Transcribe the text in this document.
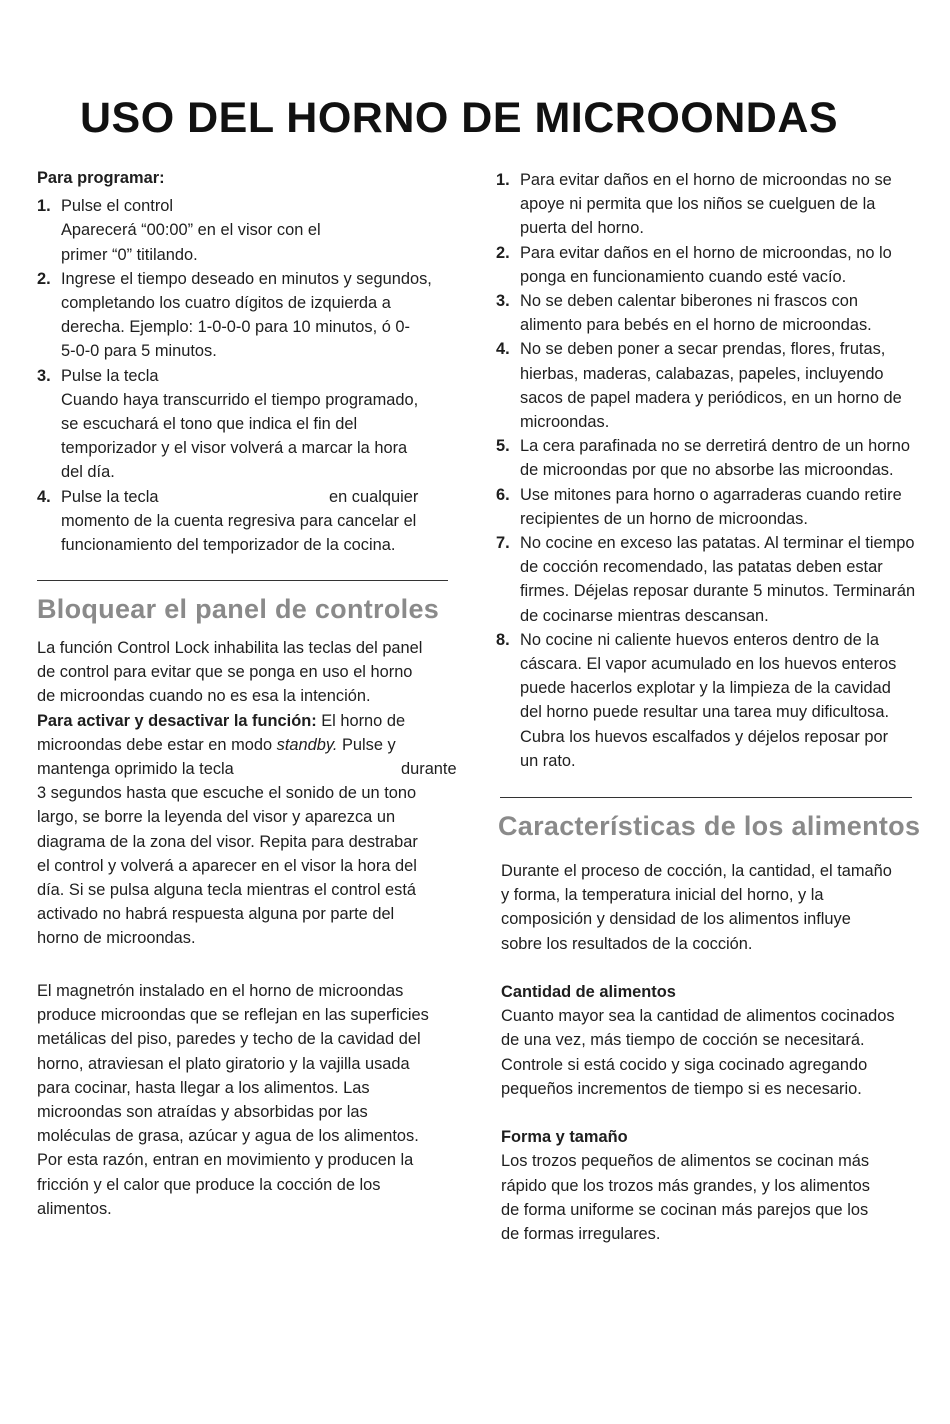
USO DEL HORNO DE MICROONDAS
Para programar:
1. Pulse el control
Aparecerá “00:00” en el visor con el
primer “0” titilando.
2. Ingrese el tiempo deseado en minutos y segundos,
completando los cuatro dígitos de izquierda a
derecha. Ejemplo: 1-0-0-0 para 10 minutos, ó 0-
5-0-0 para 5 minutos.
3. Pulse la tecla
Cuando haya transcurrido el tiempo programado,
se escuchará el tono que indica el fin del
temporizador y el visor volverá a marcar la hora
del día.
4. Pulse la tecla	en cualquier
momento de la cuenta regresiva para cancelar el
funcionamiento del temporizador de la cocina.
Bloquear el panel de controles
La función Control Lock inhabilita las teclas del panel
de control para evitar que se ponga en uso el horno
de microondas cuando no es esa la intención.
Para activar y desactivar la función: El horno de
microondas debe estar en modo standby. Pulse y
mantenga oprimido la tecla	durante
3 segundos hasta que escuche el sonido de un tono
largo, se borre la leyenda del visor y aparezca un
diagrama de la zona del visor. Repita para destrabar
el control y volverá a aparecer en el visor la hora del
día. Si se pulsa alguna tecla mientras el control está
activado no habrá respuesta alguna por parte del
horno de microondas.
El magnetrón instalado en el horno de microondas
produce microondas que se reflejan en las superficies
metálicas del piso, paredes y techo de la cavidad del
horno, atraviesan el plato giratorio y la vajilla usada
para cocinar, hasta llegar a los alimentos. Las
microondas son atraídas y absorbidas por las
moléculas de grasa, azúcar y agua de los alimentos.
Por esta razón, entran en movimiento y producen la
fricción y el calor que produce la cocción de los
alimentos.
1. Para evitar daños en el horno de microondas no se
apoye ni permita que los niños se cuelguen de la
puerta del horno.
2. Para evitar daños en el horno de microondas, no lo
ponga en funcionamiento cuando esté vacío.
3. No se deben calentar biberones ni frascos con
alimento para bebés en el horno de microondas.
4. No se deben poner a secar prendas, flores, frutas,
hierbas, maderas, calabazas, papeles, incluyendo
sacos de papel madera y periódicos, en un horno de
microondas.
5. La cera parafinada no se derretirá dentro de un horno
de microondas por que no absorbe las microondas.
6. Use mitones para horno o agarraderas cuando retire
recipientes de un horno de microondas.
7. No cocine en exceso las patatas. Al terminar el tiempo
de cocción recomendado, las patatas deben estar
firmes. Déjelas reposar durante 5 minutos. Terminarán
de cocinarse mientras descansan.
8. No cocine ni caliente huevos enteros dentro de la
cáscara. El vapor acumulado en los huevos enteros
puede hacerlos explotar y la limpieza de la cavidad
del horno puede resultar una tarea muy dificultosa.
Cubra los huevos escalfados y déjelos reposar por
un rato.
Características de los alimentos
Durante el proceso de cocción, la cantidad, el tamaño
y forma, la temperatura inicial del horno, y la
composición y densidad de los alimentos influye
sobre los resultados de la cocción.

Cantidad de alimentos
Cuanto mayor sea la cantidad de alimentos cocinados
de una vez, más tiempo de cocción se necesitará.
Controle si está cocido y siga cocinado agregando
pequeños incrementos de tiempo si es necesario.

Forma y tamaño
Los trozos pequeños de alimentos se cocinan más
rápido que los trozos más grandes, y los alimentos
de forma uniforme se cocinan más parejos que los
de formas irregulares.
